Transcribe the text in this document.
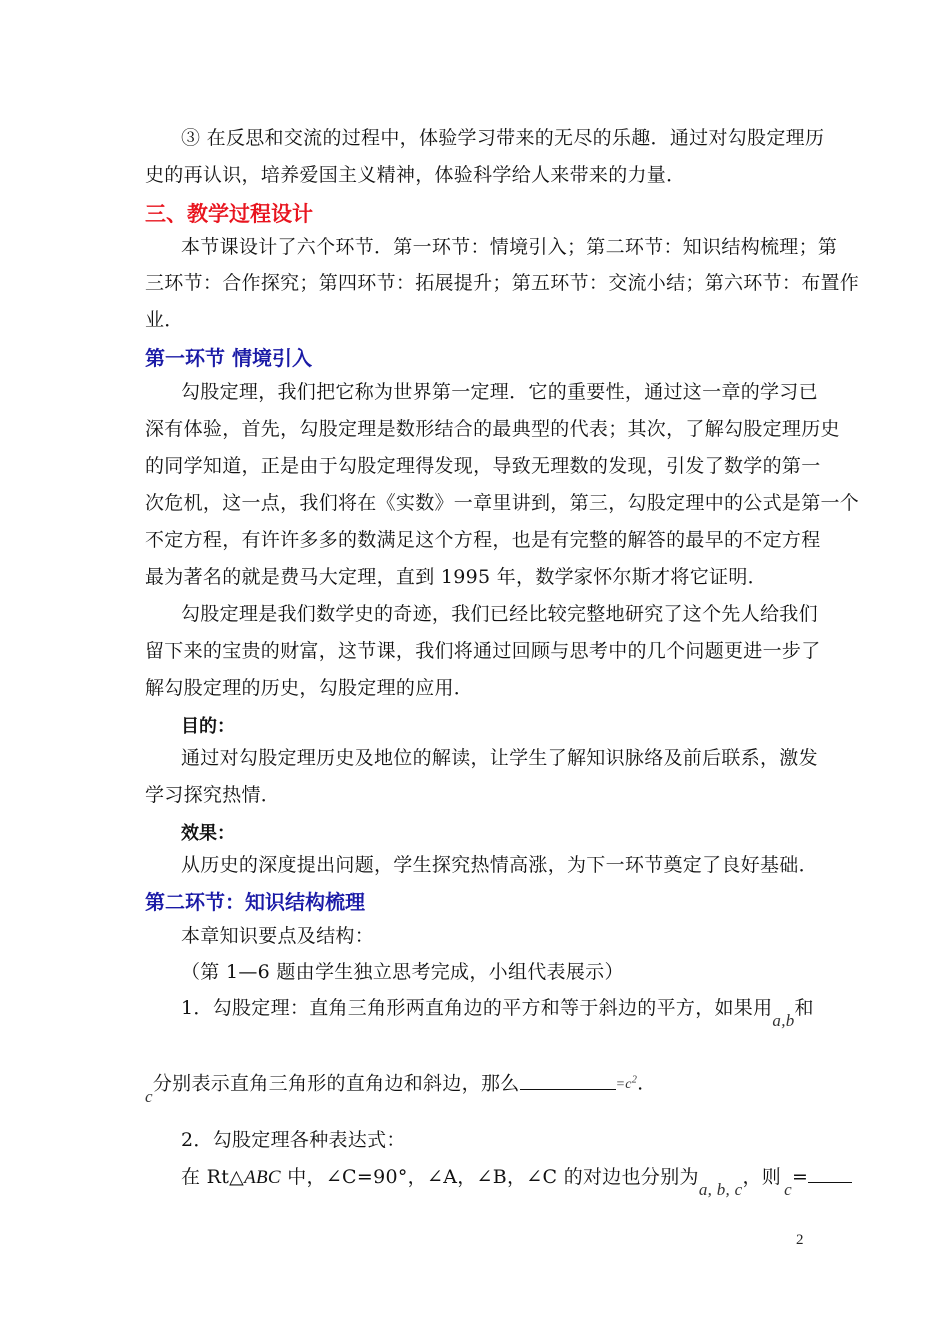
③ 在反思和交流的过程中，体验学习带来的无尽的乐趣．通过对勾股定理历
史的再认识，培养爱国主义精神，体验科学给人来带来的力量．
三、教学过程设计
本节课设计了六个环节．第一环节：情境引入；第二环节：知识结构梳理；第
三环节：合作探究；第四环节：拓展提升；第五环节：交流小结；第六环节：布置作
业．
第一环节 情境引入
勾股定理，我们把它称为世界第一定理．它的重要性，通过这一章的学习已
深有体验，首先，勾股定理是数形结合的最典型的代表；其次，了解勾股定理历史
的同学知道，正是由于勾股定理得发现，导致无理数的发现，引发了数学的第一
次危机，这一点，我们将在《实数》一章里讲到，第三，勾股定理中的公式是第一个
不定方程，有许许多多的数满足这个方程，也是有完整的解答的最早的不定方程
最为著名的就是费马大定理，直到 1995 年，数学家怀尔斯才将它证明．
勾股定理是我们数学史的奇迹，我们已经比较完整地研究了这个先人给我们
留下来的宝贵的财富，这节课，我们将通过回顾与思考中的几个问题更进一步了
解勾股定理的历史，勾股定理的应用．
目的：
通过对勾股定理历史及地位的解读，让学生了解知识脉络及前后联系，激发
学习探究热情．
效果：
从历史的深度提出问题，学生探究热情高涨，为下一环节奠定了良好基础．
第二环节：知识结构梳理
本章知识要点及结构：
（第 1—6 题由学生独立思考完成，小组代表展示）
1．勾股定理：直角三角形两直角边的平方和等于斜边的平方，如果用a,b和
c分别表示直角三角形的直角边和斜边，那么	$=c^2$.
2．勾股定理各种表达式：
在 Rt△ABC 中，∠C=90°，∠A，∠B，∠C 的对边也分别为a, b, c，则c=
2
